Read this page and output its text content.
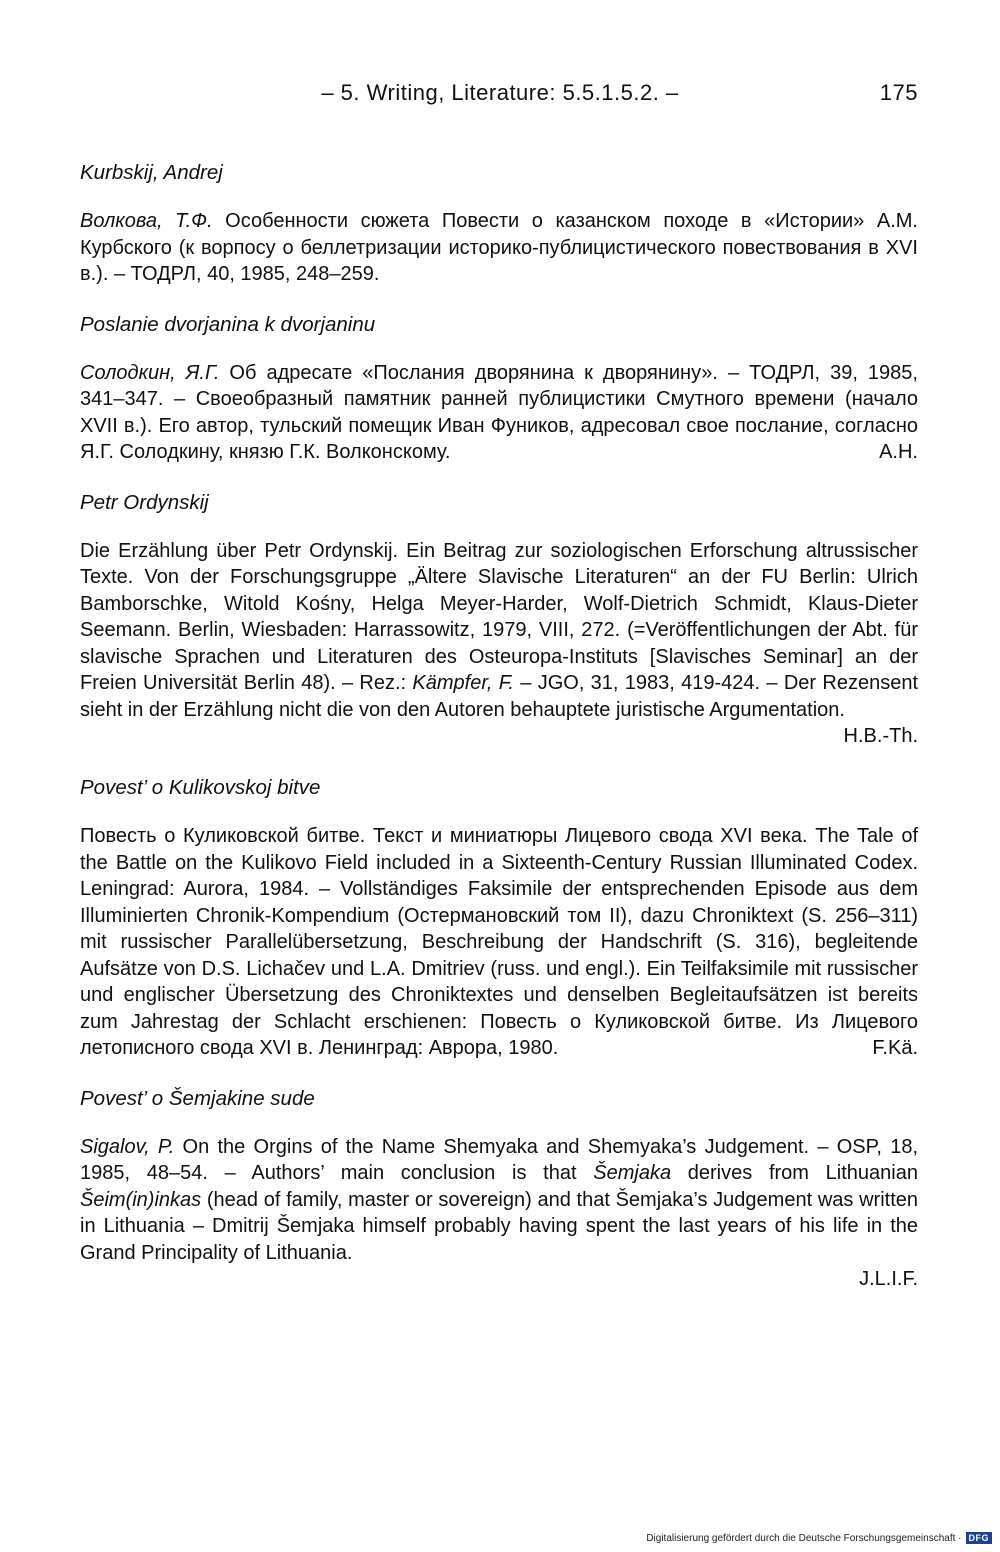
– 5. Writing, Literature: 5.5.1.5.2. –	175
Kurbskij, Andrej

Волкова, Т.Ф. Особенности сюжета Повести о казанском походе в «Истории» А.М. Курбского (к ворпосу о беллетризации историко-публицистического повествования в XVI в.). – ТОДРЛ, 40, 1985, 248–259.

Poslanie dvorjanina k dvorjaninu

Солодкин, Я.Г. Об адресате «Послания дворянина к дворянину». – ТОДРЛ, 39, 1985, 341–347. – Своеобразный памятник ранней публицистики Смутного времени (начало XVII в.). Его автор, тульский помещик Иван Фуников, адресовал свое послание, согласно Я.Г. Солодкину, князю Г.К. Волконскому.	A.H.

Petr Ordynskij

Die Erzählung über Petr Ordynskij. Ein Beitrag zur soziologischen Erforschung altrussischer Texte. Von der Forschungsgruppe „Ältere Slavische Literaturen“ an der FU Berlin: Ulrich Bamborschke, Witold Kośny, Helga Meyer-Harder, Wolf-Dietrich Schmidt, Klaus-Dieter Seemann. Berlin, Wiesbaden: Harrassowitz, 1979, VIII, 272. (=Veröffentlichungen der Abt. für slavische Sprachen und Literaturen des Osteuropa-Instituts [Slavisches Seminar] an der Freien Universität Berlin 48). – Rez.: Kämpfer, F. – JGO, 31, 1983, 419-424. – Der Rezensent sieht in der Erzählung nicht die von den Autoren behauptete juristische Argumentation.

H.B.-Th.
Povest’ o Kulikovskoj bitve

Повесть о Куликовской битве. Текст и миниатюры Лицевого свода XVI века. The Tale of the Battle on the Kulikovo Field included in a Sixteenth-Century Russian Illuminated Codex. Leningrad: Aurora, 1984. – Vollständiges Faksimile der entsprechenden Episode aus dem Illuminierten Chronik-Kompendium (Остермановский том II), dazu Chroniktext (S. 256–311) mit russischer Parallelübersetzung, Beschreibung der Handschrift (S. 316), begleitende Aufsätze von D.S. Lichačev und L.A. Dmitriev (russ. und engl.). Ein Teilfaksimile mit russischer und englischer Übersetzung des Chroniktextes und denselben Begleitaufsätzen ist bereits zum Jahrestag der Schlacht erschienen: Повесть о Куликовской битве. Из Лицевого летописного свода XVI в. Ленинград: Аврора, 1980.	F.Kä.

Povest’ o Šemjakine sude

Sigalov, P. On the Orgins of the Name Shemyaka and Shemyaka’s Judgement. – OSP, 18, 1985, 48–54. – Authors’ main conclusion is that Šemjaka derives from Lithuanian Šeim(in)inkas (head of family, master or sovereign) and that Šemjaka’s Judgement was written in Lithuania – Dmitrij Šemjaka himself probably having spent the last years of his life in the Grand Principality of Lithuania.

J.L.I.F.
Digitalisierung gefördert durch die Deutsche Forschungsgemeinschaft · DFG
